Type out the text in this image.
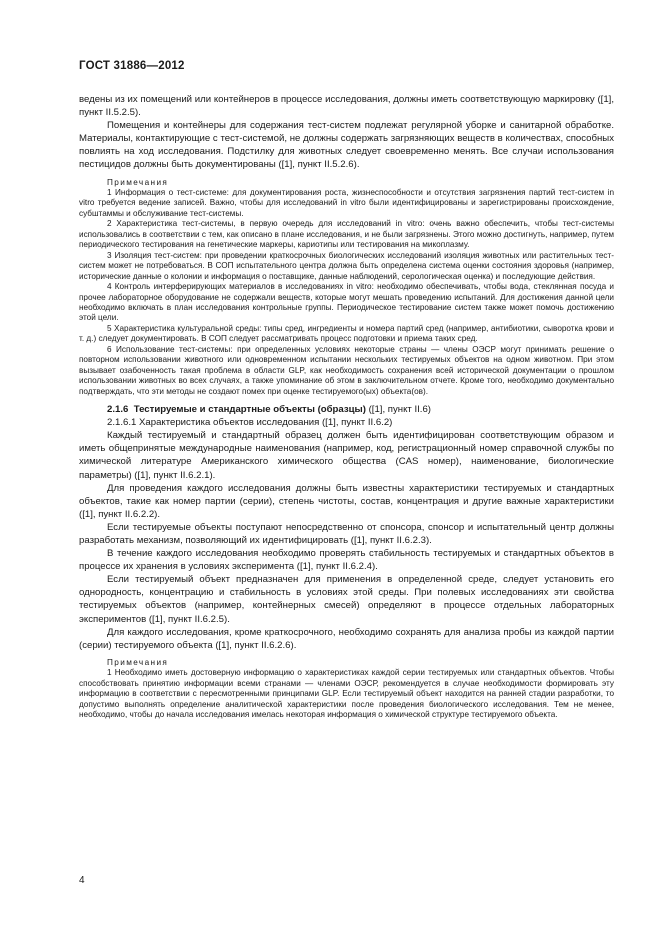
ГОСТ 31886—2012

ведены из их помещений или контейнеров в процессе исследования, должны иметь соответствующую маркировку ([1], пункт II.5.2.5).

Помещения и контейнеры для содержания тест-систем подлежат регулярной уборке и санитарной обработке. Материалы, контактирующие с тест-системой, не должны содержать загрязняющих веществ в количествах, способных повлиять на ход исследования. Подстилку для животных следует своевременно менять. Все случаи использования пестицидов должны быть документированы ([1], пункт II.5.2.6).

Примечания

1 Информация о тест-системе: для документирования роста, жизнеспособности и отсутствия загрязнения партий тест-систем in vitro требуется ведение записей. Важно, чтобы для исследований in vitro были идентифицированы и зарегистрированы происхождение, субштаммы и обслуживание тест-системы.

2 Характеристика тест-системы, в первую очередь для исследований in vitro: очень важно обеспечить, чтобы тест-системы использовались в соответствии с тем, как описано в плане исследования, и не были загрязнены. Этого можно достигнуть, например, путем периодического тестирования на генетические маркеры, кариотипы или тестирования на микоплазму.

3 Изоляция тест-систем: при проведении краткосрочных биологических исследований изоляция животных или растительных тест-систем может не потребоваться. В СОП испытательного центра должна быть определена система оценки состояния здоровья (например, исторические данные о колонии и информация о поставщике, данные наблюдений, серологическая оценка) и последующие действия.

4 Контроль интерферирующих материалов в исследованиях in vitro: необходимо обеспечивать, чтобы вода, стеклянная посуда и прочее лабораторное оборудование не содержали веществ, которые могут мешать проведению испытаний. Для достижения данной цели необходимо включать в план исследования контрольные группы. Периодическое тестирование систем также может помочь достижению этой цели.

5 Характеристика культуральной среды: типы сред, ингредиенты и номера партий сред (например, антибиотики, сыворотка крови и т. д.) следует документировать. В СОП следует рассматривать процесс подготовки и приема таких сред.

6 Использование тест-системы: при определенных условиях некоторые страны — члены ОЭСР могут принимать решение о повторном использовании животного или одновременном испытании нескольких тестируемых объектов на одном животном. При этом вызывает озабоченность такая проблема в области GLP, как необходимость сохранения всей исторической документации о прошлом использовании животных во всех случаях, а также упоминание об этом в заключительном отчете. Кроме того, необходимо документально подтверждать, что эти методы не создают помех при оценке тестируемого(ых) объекта(ов).

2.1.6 Тестируемые и стандартные объекты (образцы) ([1], пункт II.6)

2.1.6.1 Характеристика объектов исследования ([1], пункт II.6.2)

Каждый тестируемый и стандартный образец должен быть идентифицирован соответствующим образом и иметь общепринятые международные наименования (например, код, регистрационный номер справочной службы по химической литературе Американского химического общества (CAS номер), наименование, биологические параметры) ([1], пункт II.6.2.1).

Для проведения каждого исследования должны быть известны характеристики тестируемых и стандартных объектов, такие как номер партии (серии), степень чистоты, состав, концентрация и другие важные характеристики ([1], пункт II.6.2.2).

Если тестируемые объекты поступают непосредственно от спонсора, спонсор и испытательный центр должны разработать механизм, позволяющий их идентифицировать ([1], пункт II.6.2.3).

В течение каждого исследования необходимо проверять стабильность тестируемых и стандартных объектов в процессе их хранения в условиях эксперимента ([1], пункт II.6.2.4).

Если тестируемый объект предназначен для применения в определенной среде, следует установить его однородность, концентрацию и стабильность в условиях этой среды. При полевых исследованиях эти свойства тестируемых объектов (например, контейнерных смесей) определяют в процессе отдельных лабораторных экспериментов ([1], пункт II.6.2.5).

Для каждого исследования, кроме краткосрочного, необходимо сохранять для анализа пробы из каждой партии (серии) тестируемого объекта ([1], пункт II.6.2.6).

Примечания

1 Необходимо иметь достоверную информацию о характеристиках каждой серии тестируемых или стандартных объектов. Чтобы способствовать принятию информации всеми странами — членами ОЭСР, рекомендуется в случае необходимости формировать эту информацию в соответствии с пересмотренными принципами GLP. Если тестируемый объект находится на ранней стадии разработки, то допустимо выполнять определение аналитической характеристики после проведения биологического исследования. Тем не менее, необходимо, чтобы до начала исследования имелась некоторая информация о химической структуре тестируемого объекта.

4
